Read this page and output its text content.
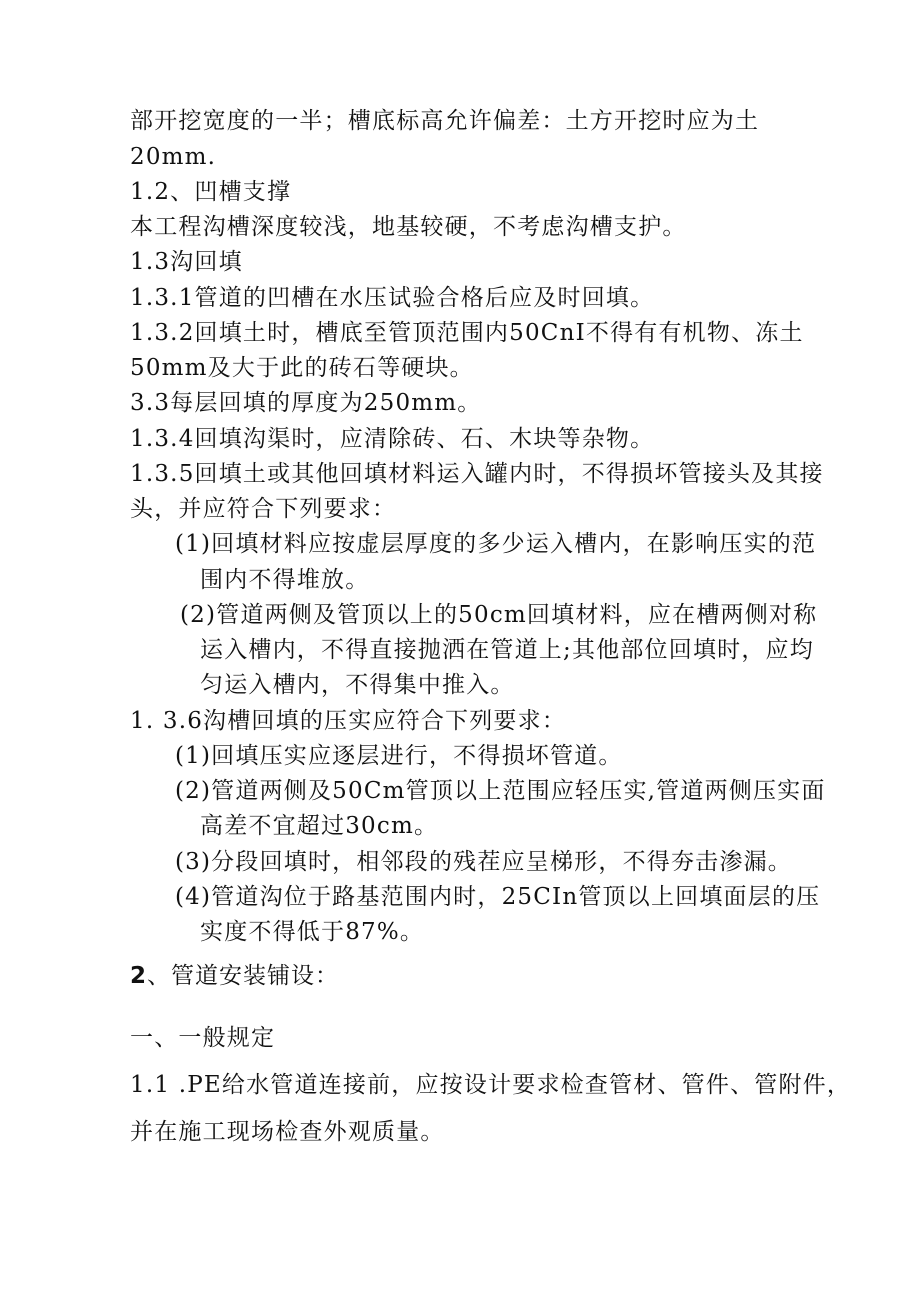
部开挖宽度的一半；槽底标高允许偏差：土方开挖时应为土
20mm.
1.2、凹槽支撑
本工程沟槽深度较浅，地基较硬，不考虑沟槽支护。
1.3沟回填
1.3.1管道的凹槽在水压试验合格后应及时回填。
1.3.2回填土时，槽底至管顶范围内50CnI不得有有机物、冻土
50mm及大于此的砖石等硬块。
3.3每层回填的厚度为250mm。
1.3.4回填沟渠时，应清除砖、石、木块等杂物。
1.3.5回填土或其他回填材料运入罐内时，不得损坏管接头及其接
头，并应符合下列要求：
(1)回填材料应按虚层厚度的多少运入槽内，在影响压实的范
围内不得堆放。
(2)管道两侧及管顶以上的50cm回填材料，应在槽两侧对称
运入槽内，不得直接抛洒在管道上;其他部位回填时，应均
匀运入槽内，不得集中推入。
1. 3.6沟槽回填的压实应符合下列要求：
(1)回填压实应逐层进行，不得损坏管道。
(2)管道两侧及50Cm管顶以上范围应轻压实,管道两侧压实面
高差不宜超过30cm。
(3)分段回填时，相邻段的残茬应呈梯形，不得夯击渗漏。
(4)管道沟位于路基范围内时，25CIn管顶以上回填面层的压
实度不得低于87%。
2、管道安装铺设：
一、一般规定
1.1 .PE给水管道连接前，应按设计要求检查管材、管件、管附件，
并在施工现场检查外观质量。
